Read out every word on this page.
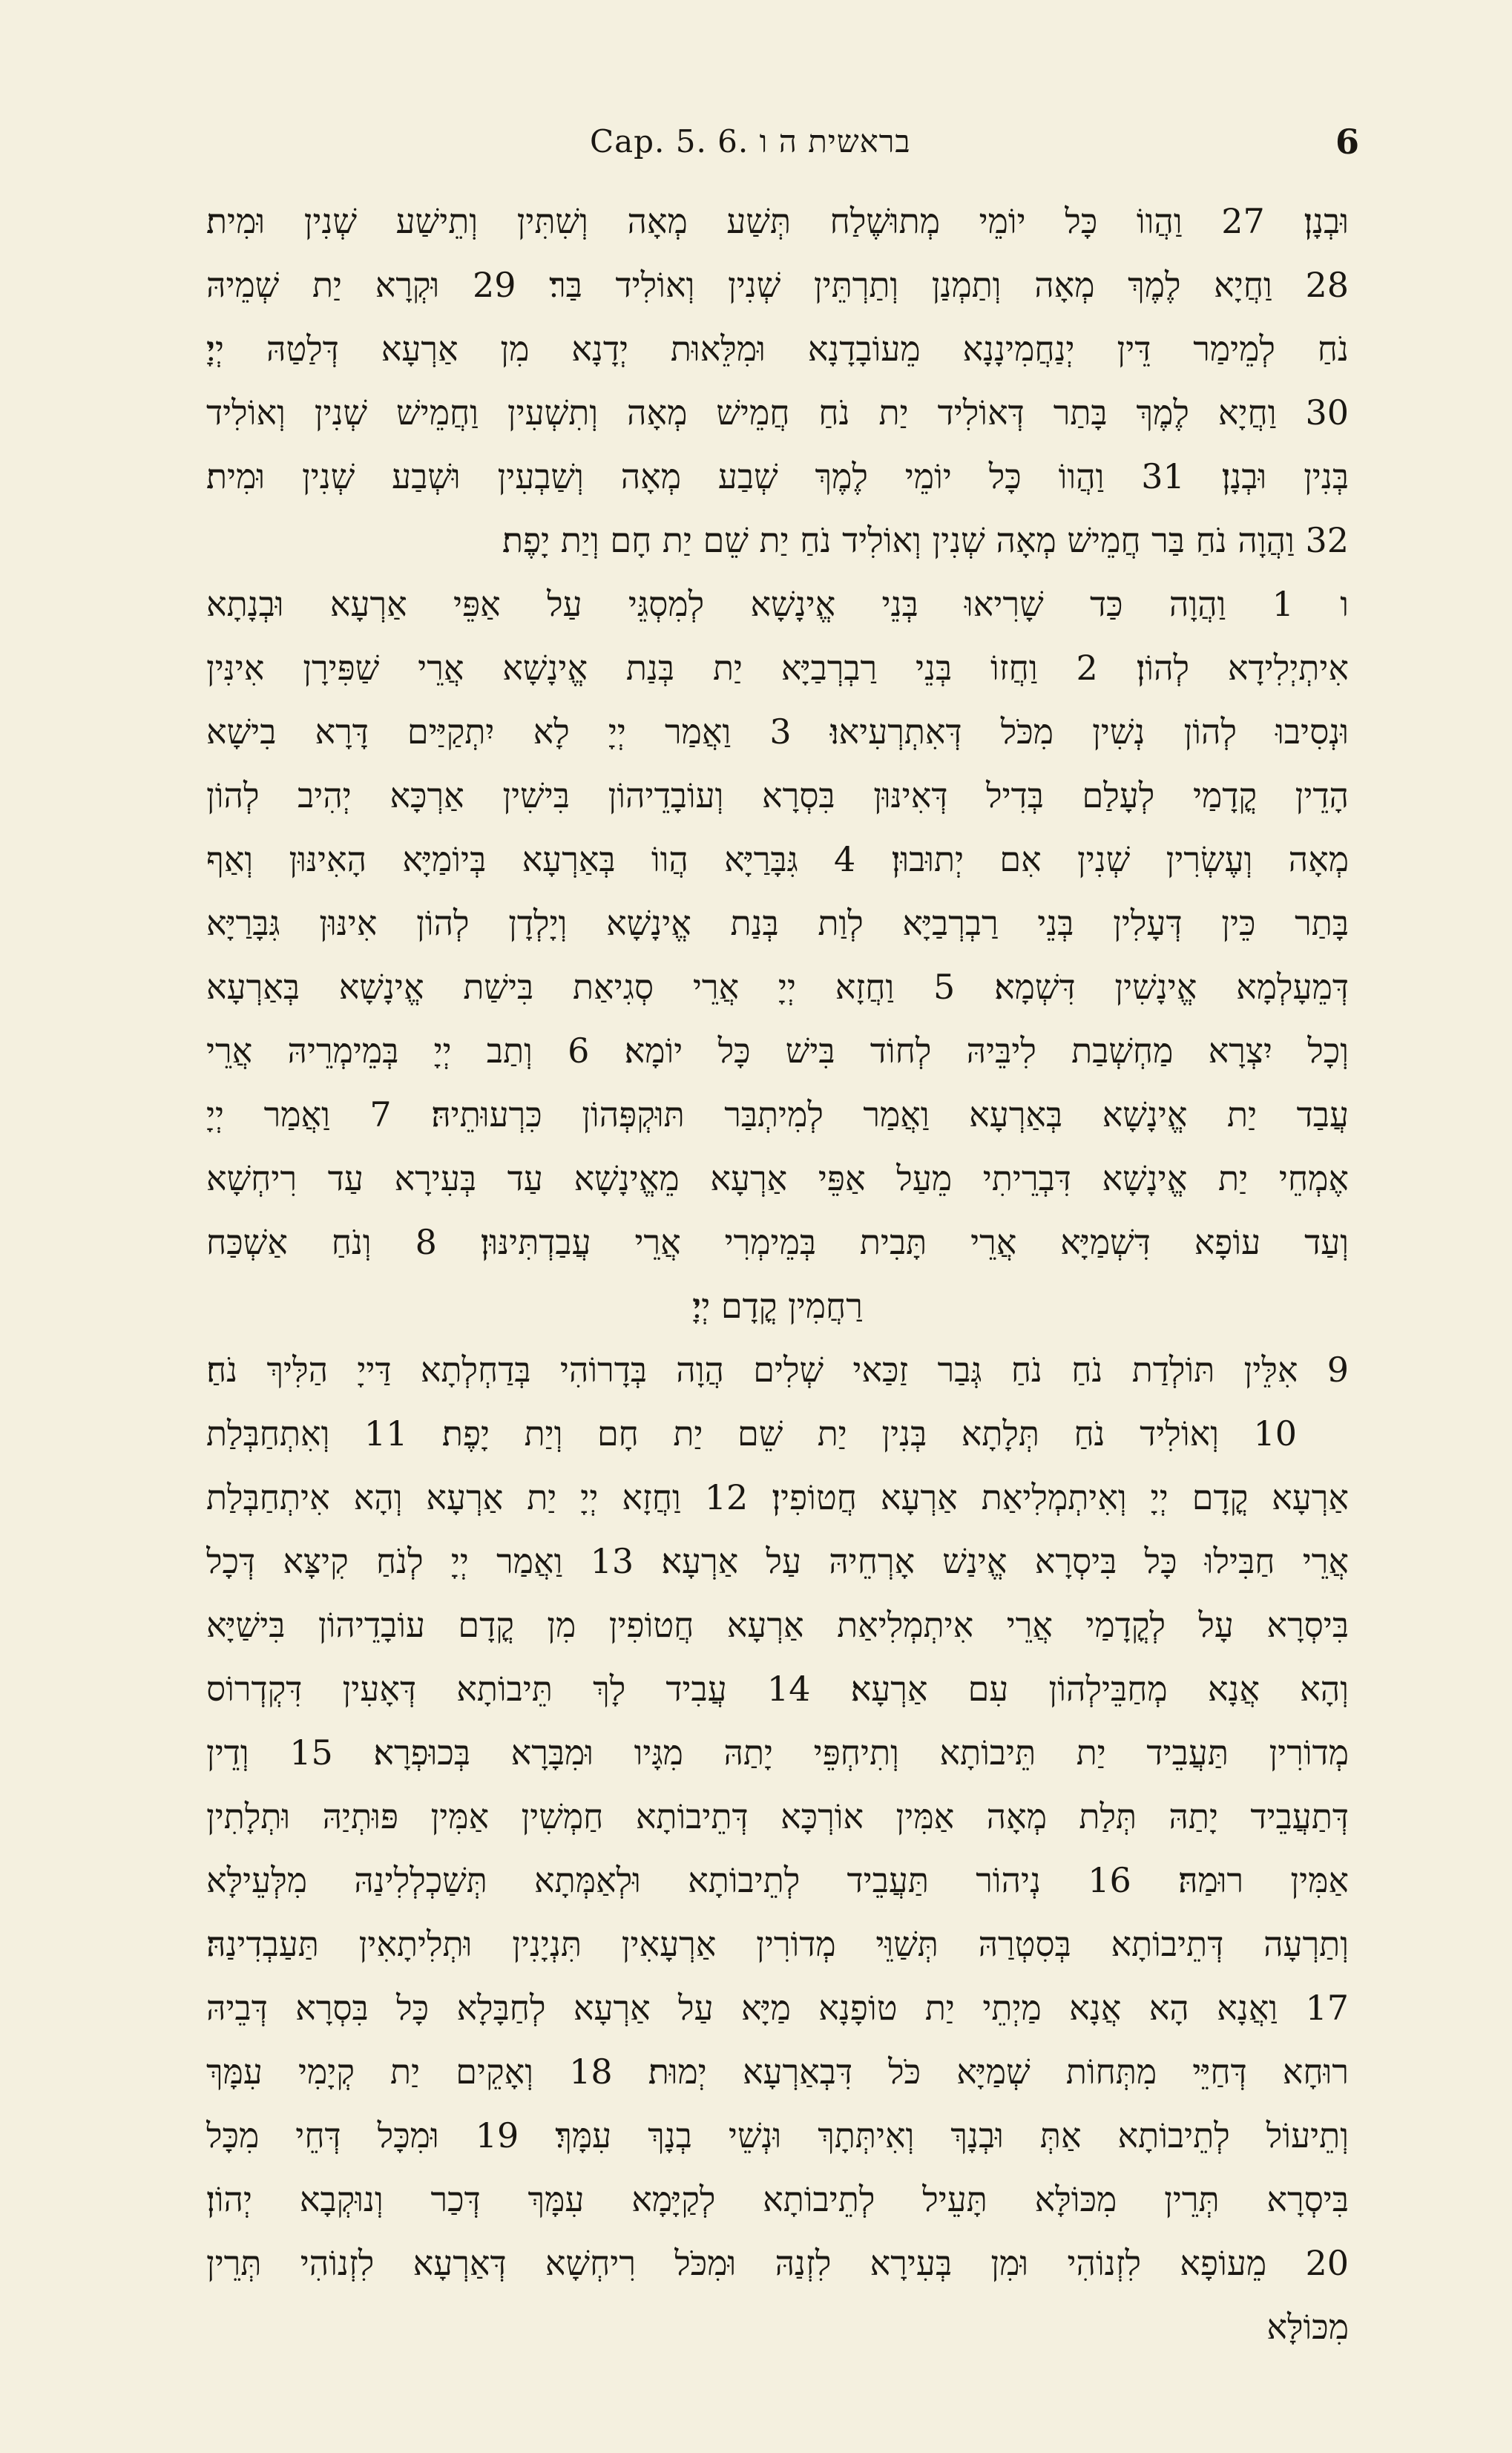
Cap. 5. 6. בראשית ה ו	6
וּבְנָן׃ 27 וַהֲווֹ כָּל יוֹמֵי מְתוּשֶׁלַח תְּשַׁע מְאָה וְשִׁתִּין וְתֵישַׁע שְׁנִין וּמִית׃
28 וַחֲיָא לֶמֶךְ מְאָה וְתַמְנַן וְתַרְתֵּין שְׁנִין וְאוֹלִיד בַּר׃ 29 וּקְרָא יַת שְׁמֵיהּ
נֹחַ לְמֵימַר דֵּין יְנַחֲמִינָנָא מֵעוֹבָדָנָא וּמִלֵּאוּת יְדָנָא מִן אַרְעָא דְּלַטַהּ יְיָ׃
30 וַחֲיָא לֶמֶךְ בָּתַר דְּאוֹלִיד יַת נֹחַ חֲמֵישׁ מְאָה וְתִשְׁעִין וַחֲמֵישׁ שְׁנִין וְאוֹלִיד
בְּנִין וּבְנָן׃ 31 וַהֲווֹ כָּל יוֹמֵי לֶמֶךְ שְׁבַע מְאָה וְשַׁבְעִין וּשְׁבַע שְׁנִין וּמִית׃
32 וַהֲוָה נֹחַ בַּר חֲמֵישׁ מְאָה שְׁנִין וְאוֹלִיד נֹחַ יַת שֵׁם יַת חָם וְיַת יָפֶת׃
ו 1 וַהֲוָה כַּד שָׁרִיאוּ בְּנֵי אֱינָשָׁא לְמִסְגֵּי עַל אַפֵּי אַרְעָא וּבְנָתָא
אִיתְיְלִידָא לְהוֹן׃ 2 וַחֲזוֹ בְּנֵי רַבְרְבַיָּא יַת בְּנַת אֱינָשָׁא אֲרֵי שַׁפִּירָן אִינִּין
וּנְסִיבוּ לְהוֹן נְשִׁין מִכֹּל דְּאִתְרְעִיאוּ׃ 3 וַאֲמַר יְיָ לָא יִתְקַיַּים דָּרָא בִישָׁא
הָדֵין קֳדָמַי לְעָלַם בְּדִיל דְּאִינּוּן בִּסְרָא וְעוֹבָדֵיהוֹן בִּישִׁין אַרְכָּא יְהִיב לְהוֹן
מְאָה וְעֶשְׂרִין שְׁנִין אִם יְתוּבוּן׃ 4 גִּבָּרַיָּא הֲווֹ בְּאַרְעָא בְּיוֹמַיָּא הָאִינּוּן וְאַף
בָּתַר כֵּין דְּעָלִין בְּנֵי רַבְרְבַיָּא לְוַת בְּנַת אֱינָשָׁא וְיָלְדָן לְהוֹן אִינּוּן גִּבָּרַיָּא
דְּמֵעָלְמָא אֱינָשִׁין דִּשְׁמָא׃ 5 וַחֲזָא יְיָ אֲרֵי סְגִיאַת בִּישַׁת אֱינָשָׁא בְּאַרְעָא
וְכָל יִצְרָא מַחְשְׁבַת לִיבֵּיהּ לְחוֹד בִּישׁ כָּל יוֹמָא׃ 6 וְתַב יְיָ בְּמֵימְרֵיהּ אֲרֵי
עֲבַד יַת אֱינָשָׁא בְּאַרְעָא וַאֲמַר לְמִיתְבַּר תּוּקְפְּהוֹן כִּרְעוּתֵיהּ׃ 7 וַאֲמַר יְיָ
אֶמְחֵי יַת אֱינָשָׁא דִּבְרֵיתִי מֵעַל אַפֵּי אַרְעָא מֵאֱינָשָׁא עַד בְּעִירָא עַד רִיחְשָׁא
וְעַד עוֹפָא דִּשְׁמַיָּא אֲרֵי תָּבִית בְּמֵימְרִי אֲרֵי עֲבַדְתִּינּוּן׃ 8 וְנֹחַ אַשְׁכַּח
רַחֲמִין קֳדָם יְיָ׃
9 אִלֵּין תּוֹלְדַת נֹחַ נֹחַ גְּבַר זַכַּאי שְׁלִים הֲוָה בְּדָרוֹהִי בְּדַחְלְתָא דַּייָ הַלִּיךְ נֹחַ׃
10 וְאוֹלִיד נֹחַ תְּלָתָא בְּנִין יַת שֵׁם יַת חָם וְיַת יָפֶת׃ 11 וְאִתְחַבְּלַת
אַרְעָא קֳדָם יְיָ וְאִיתְמְלִיאַת אַרְעָא חֲטוֹפִין׃ 12 וַחֲזָא יְיָ יַת אַרְעָא וְהָא אִיתְחַבְּלַת
אֲרֵי חַבִּילוּ כָּל בִּיסְרָא אֱינַשׁ אָרְחֵיהּ עַל אַרְעָא׃ 13 וַאֲמַר יְיָ לְנֹחַ קִיצָּא דְּכָל
בִּיסְרָא עָל לְקֳדָמַי אֲרֵי אִיתְמְלִיאַת אַרְעָא חֲטוֹפִין מִן קֳדָם עוֹבָדֵיהוֹן בִּישַׁיָּא
וְהָא אֲנָא מְחַבֵּילְהוֹן עִם אַרְעָא׃ 14 עֲבִיד לָךְ תֵּיבוֹתָא דְּאָעִין דִּקְדְרוֹס
מְדוֹרִין תַּעֲבֵיד יַת תֵּיבוֹתָא וְתִיחְפֵּי יָתַהּ מִגָּיו וּמִבָּרָא בְּכוּפְרָא׃ 15 וְדֵין
דְּתַעֲבֵיד יָתַהּ תְּלַת מְאָה אַמִּין אוֹרְכָּא דְּתֵיבוֹתָא חַמְשִׁין אַמִּין פּוּתְיַהּ וּתְלָתִין
אַמִּין רוּמַהּ׃ 16 נְיהוֹר תַּעֲבֵיד לְתֵיבוֹתָא וּלְאַמְּתָא תְּשַׁכְלְלִינַהּ מִלְּעֵילָּא
וְתַרְעָה דְּתֵיבוֹתָא בְּסִטְרַהּ תְּשַׁוֵּי מְדוֹרִין אַרְעָאִין תִּנְיָנִין וּתְלִיתָאִין תַּעַבְדִינַהּ׃
17 וַאֲנָא הָא אֲנָא מַיְתֵי יַת טוֹפָנָא מַיָּא עַל אַרְעָא לְחַבָּלָא כָּל בִּסְרָא דְּבֵיהּ
רוּחָא דְּחַיֵּי מִתְּחוֹת שְׁמַיָּא כֹּל דִּבְאַרְעָא יְמוּת׃ 18 וְאָקֵים יַת קְיָמִי עִמָּךְ
וְתֵיעוֹל לְתֵיבוֹתָא אַתְּ וּבְנָךְ וְאִיתְּתָךְ וּנְשֵׁי בְנָךְ עִמָּךְ׃ 19 וּמִכָּל דְּחֵי מִכָּל
בִּיסְרָא תְּרֵין מִכּוֹלָּא תָּעֵיל לְתֵיבוֹתָא לְקַיָּמָא עִמָּךְ דְּכַר וְנוּקְבָא יְהוֹן׃
20 מֵעוֹפָא לִזְנוֹהִי וּמִן בְּעִירָא לִזְנַהּ וּמִכֹּל רִיחְשָׁא דְּאַרְעָא לִזְנוֹהִי תְּרֵין
מִכּוֹלָּא
